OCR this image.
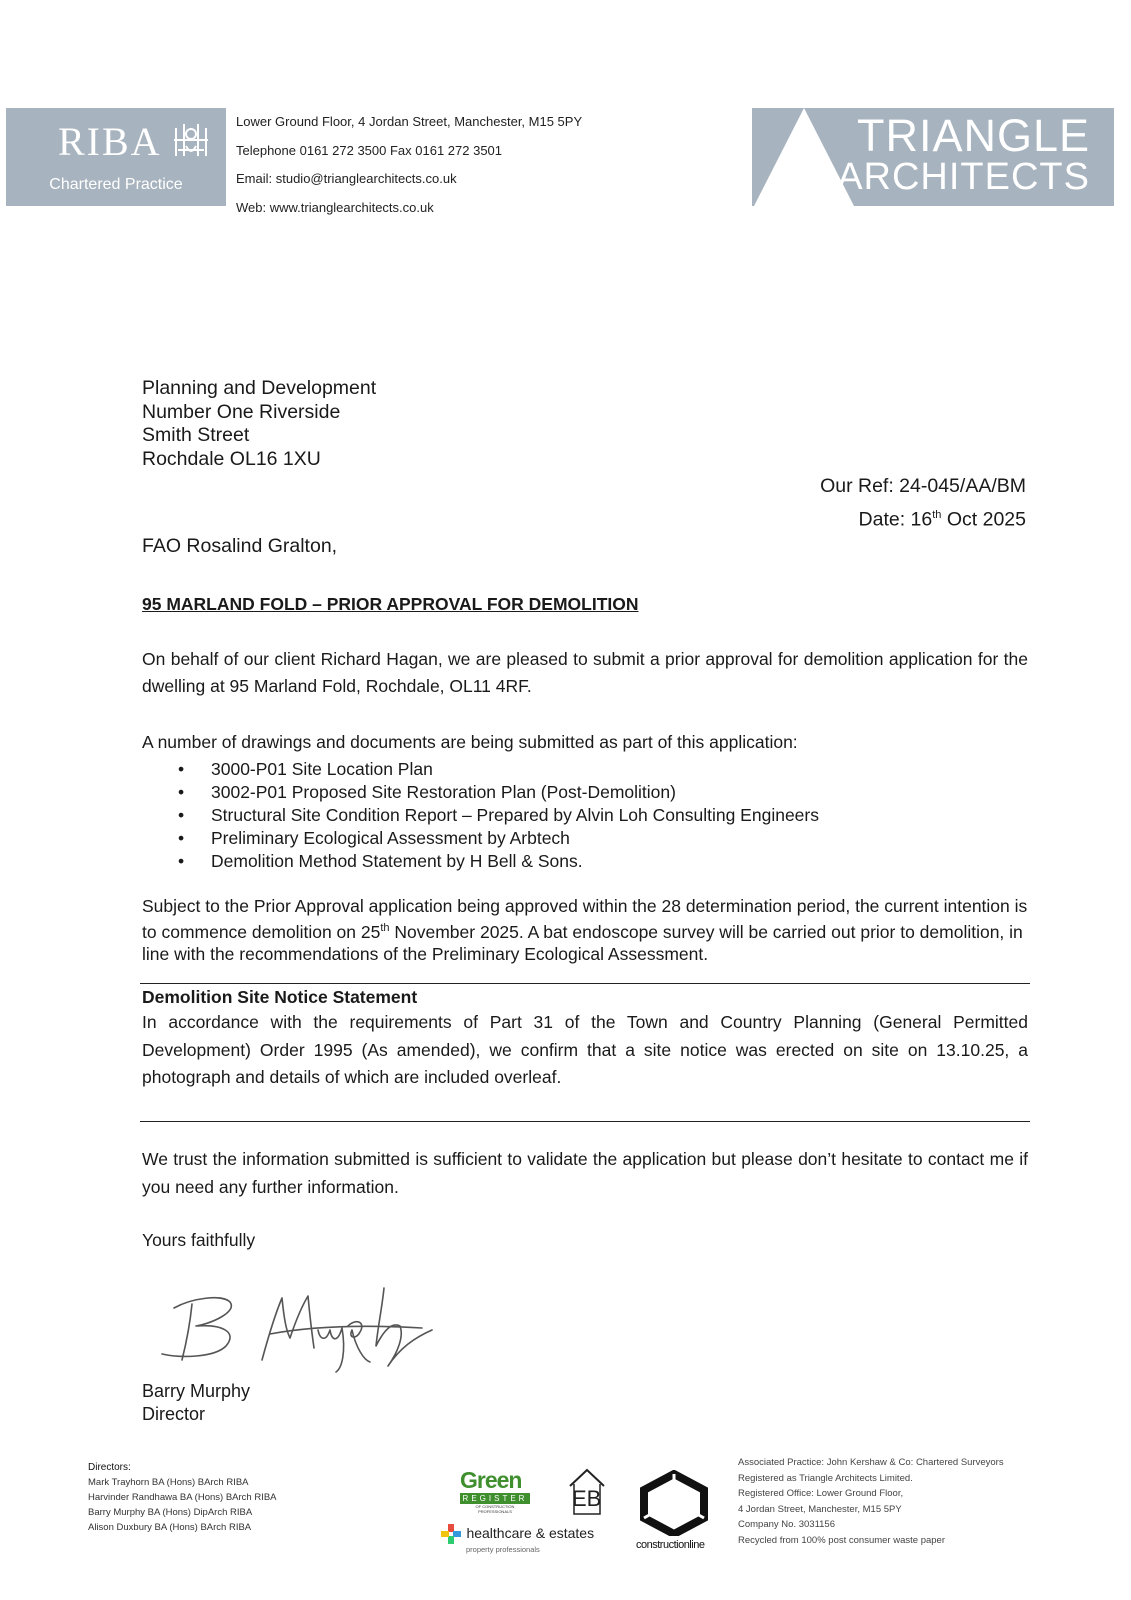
RIBA
Chartered Practice
Lower Ground Floor, 4 Jordan Street, Manchester, M15 5PY
Telephone 0161 272 3500 Fax 0161 272 3501
Email: studio@trianglearchitects.co.uk
Web: www.trianglearchitects.co.uk
TRIANGLE
ARCHITECTS
Planning and Development
Number One Riverside
Smith Street
Rochdale OL16 1XU
Our Ref: 24-045/AA/BM
Date: 16th Oct 2025
FAO Rosalind Gralton,
95 MARLAND FOLD – PRIOR APPROVAL FOR DEMOLITION
On behalf of our client Richard Hagan, we are pleased to submit a prior approval for demolition application for the dwelling at 95 Marland Fold, Rochdale, OL11 4RF.
A number of drawings and documents are being submitted as part of this application:
• 3000-P01 Site Location Plan
• 3002-P01 Proposed Site Restoration Plan (Post-Demolition)
• Structural Site Condition Report – Prepared by Alvin Loh Consulting Engineers
• Preliminary Ecological Assessment by Arbtech
• Demolition Method Statement by H Bell & Sons.
Subject to the Prior Approval application being approved within the 28 determination period, the current intention is to commence demolition on 25th November 2025. A bat endoscope survey will be carried out prior to demolition, in line with the recommendations of the Preliminary Ecological Assessment.
Demolition Site Notice Statement
In accordance with the requirements of Part 31 of the Town and Country Planning (General Permitted Development) Order 1995 (As amended), we confirm that a site notice was erected on site on 13.10.25, a photograph and details of which are included overleaf.
We trust the information submitted is sufficient to validate the application but please don’t hesitate to contact me if you need any further information.
Yours faithfully
Barry Murphy
Director
Directors:
Mark Trayhorn BA (Hons) BArch RIBA
Harvinder Randhawa BA (Hons) BArch RIBA
Barry Murphy BA (Hons) DipArch RIBA
Alison Duxbury BA (Hons) BArch RIBA
Green
REGISTER
OF CONSTRUCTION PROFESSIONALS
EB
healthcare & estates
property professionals	constructionline
Associated Practice: John Kershaw & Co: Chartered Surveyors
Registered as Triangle Architects Limited.
Registered Office: Lower Ground Floor,
4 Jordan Street, Manchester, M15 5PY
Company No. 3031156
Recycled from 100% post consumer waste paper
